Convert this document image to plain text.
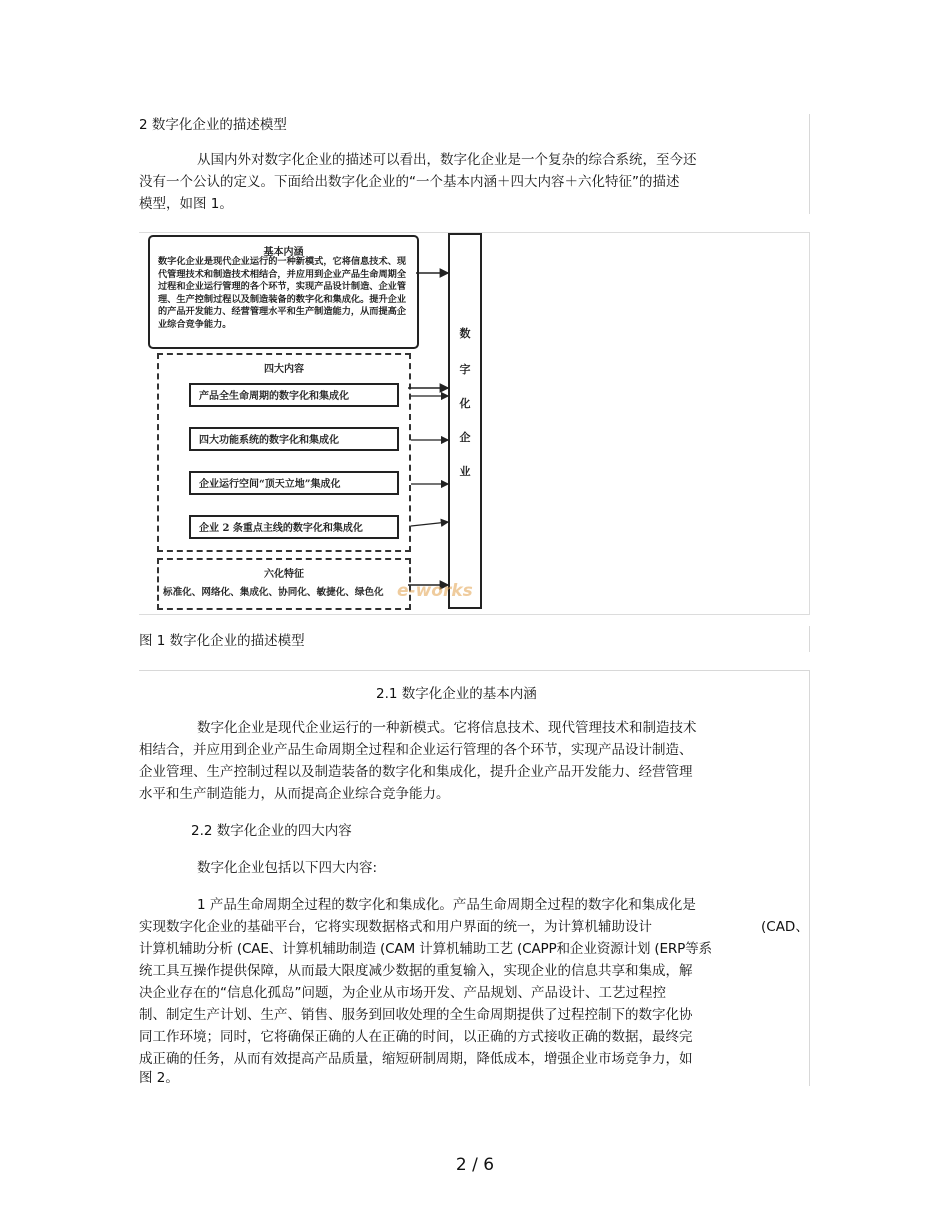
2 数字化企业的描述模型
从国内外对数字化企业的描述可以看出，数字化企业是一个复杂的综合系统，至今还
没有一个公认的定义。下面给出数字化企业的“一个基本内涵＋四大内容＋六化特征”的描述
模型，如图 1。
基本内涵
数字化企业是现代企业运行的一种新模式，它将信息技术、现代管理技术和制造技术相结合，并应用到企业产品生命周期全过程和企业运行管理的各个环节，实现产品设计制造、企业管理、生产控制过程以及制造装备的数字化和集成化。提升企业的产品开发能力、经营管理水平和生产制造能力，从而提高企业综合竞争能力。
四大内容
产品全生命周期的数字化和集成化
四大功能系统的数字化和集成化
企业运行空间“顶天立地”集成化
企业 2 条重点主线的数字化和集成化
六化特征
标准化、网络化、集成化、协同化、敏捷化、绿色化
数
字
化
企
业
e-works
图 1 数字化企业的描述模型
2.1 数字化企业的基本内涵
数字化企业是现代企业运行的一种新模式。它将信息技术、现代管理技术和制造技术
相结合，并应用到企业产品生命周期全过程和企业运行管理的各个环节，实现产品设计制造、
企业管理、生产控制过程以及制造装备的数字化和集成化，提升企业产品开发能力、经营管理
水平和生产制造能力，从而提高企业综合竞争能力。
2.2 数字化企业的四大内容
数字化企业包括以下四大内容:
1 产品生命周期全过程的数字化和集成化。产品生命周期全过程的数字化和集成化是
实现数字化企业的基础平台，它将实现数据格式和用户界面的统一，为计算机辅助设计	(CAD、
计算机辅助分析 (CAE、计算机辅助制造 (CAM 计算机辅助工艺 (CAPP和企业资源计划 (ERP等系
统工具互操作提供保障，从而最大限度减少数据的重复输入，实现企业的信息共享和集成，解
决企业存在的“信息化孤岛”问题，为企业从市场开发、产品规划、产品设计、工艺过程控
制、制定生产计划、生产、销售、服务到回收处理的全生命周期提供了过程控制下的数字化协
同工作环境；同时，它将确保正确的人在正确的时间，以正确的方式接收正确的数据，最终完
成正确的任务，从而有效提高产品质量，缩短研制周期，降低成本，增强企业市场竞争力，如
图 2。
2 / 6
